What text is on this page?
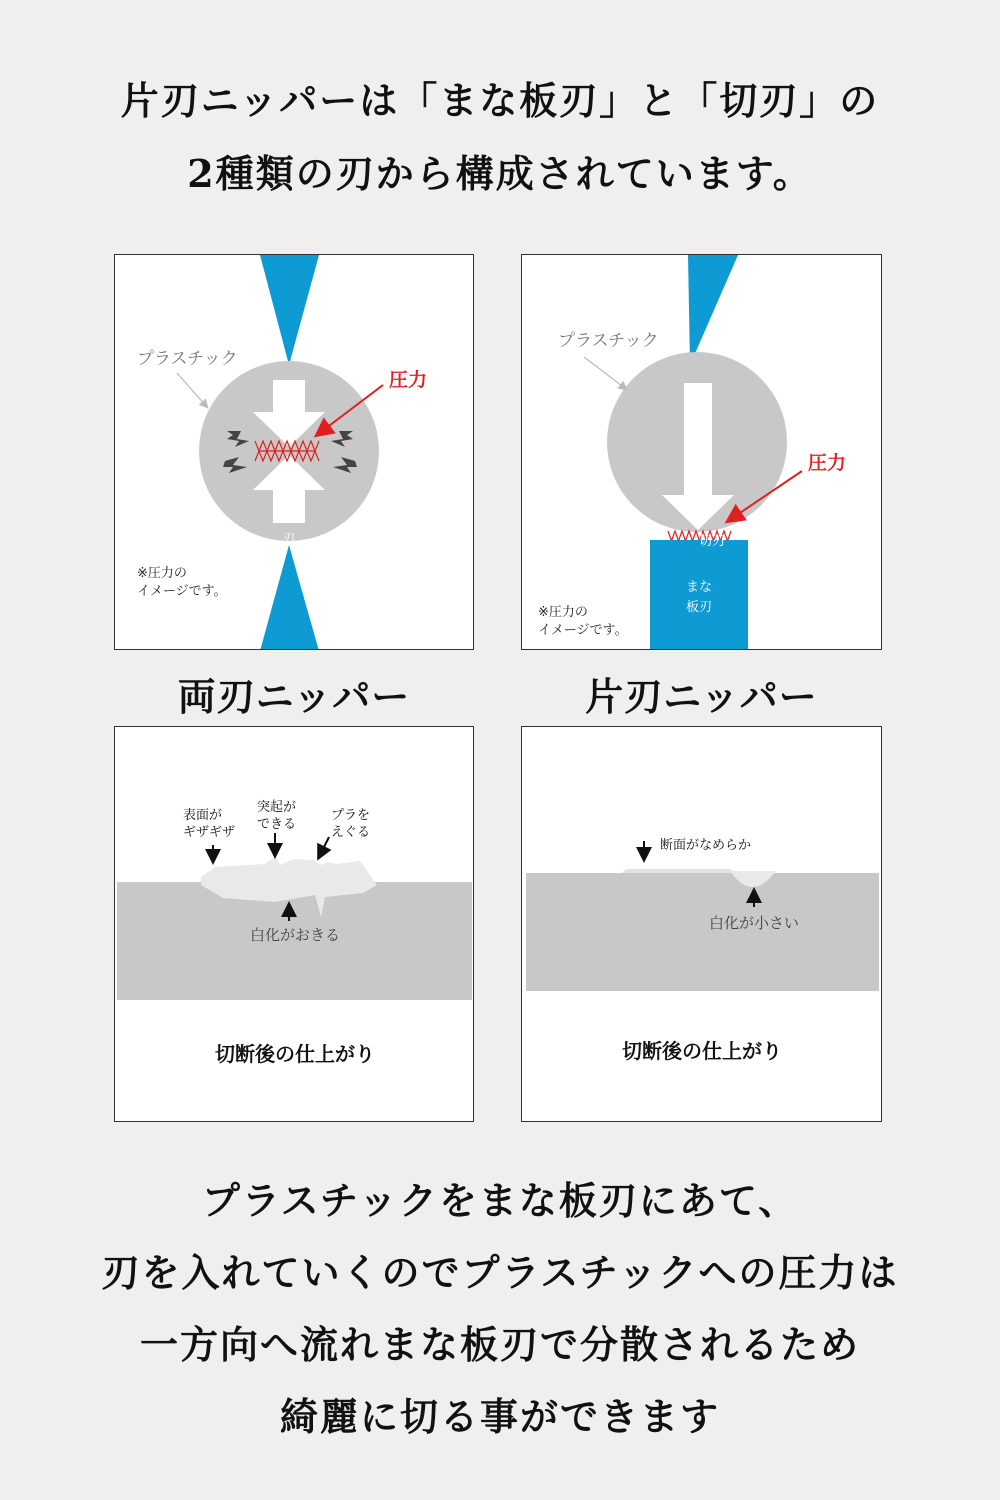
片刃ニッパーは「まな板刃」と「切刃」の
2種類の刃から構成されています。
プラスチック
圧力
刃
※圧力の
イメージです。
プラスチック
圧力
切刃
まな
板刃
※圧力の
イメージです。
両刃ニッパー	片刃ニッパー
表面が
ギザギザ
突起が
できる
プラを
えぐる
白化がおきる
切断後の仕上がり
断面がなめらか
白化が小さい
切断後の仕上がり
プラスチックをまな板刃にあて、
刃を入れていくのでプラスチックへの圧力は
一方向へ流れまな板刃で分散されるため
綺麗に切る事ができます
